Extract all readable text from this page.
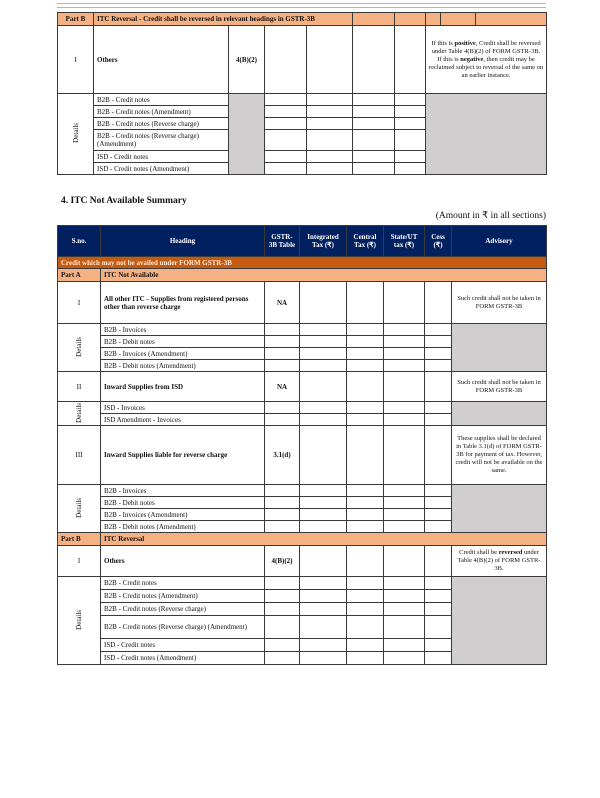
Part B	ITC Reversal - Credit shall be reversed in relevant headings in GSTR-3B								
I	Others	4(B)(2)					If this is positive, Credit shall be reversed under Table 4(B)(2) of FORM GSTR-3B.
If this is negative, then credit may be reclaimed subject to reversal of the same on an earlier instance.		
Details	B2B - Credit notes								
	B2B - Credit notes (Amendment)								
	B2B - Credit notes (Reverse charge)								
	B2B - Credit notes (Reverse charge) (Amendment)								
	ISD - Credit notes								
	ISD - Credit notes (Amendment)								
4. ITC Not Available Summary
(Amount in ₹ in all sections)
S.no.	Heading	GSTR-3B Table	Integrated Tax (₹)	Central Tax (₹)	State/UT tax (₹)	Cess (₹)	Advisory
Credit which may not be availed under FORM GSTR-3B							
Part A	ITC Not Available						
I	All other ITC - Supplies from registered persons other than reverse charge	NA					Such credit shall not be taken in FORM GSTR-3B
Details	B2B - Invoices						
	B2B - Debit notes						
	B2B - Invoices (Amendment)						
	B2B - Debit notes (Amendment)						
II	Inward Supplies from ISD	NA					Such credit shall not be taken in FORM GSTR-3B
Details	ISD - Invoices						
	ISD Amendment - Invoices						
III	Inward Supplies liable for reverse charge	3.1(d)					These supplies shall be declared in Table 3.1(d) of FORM GSTR-3B for payment of tax. However, credit will not be available on the same.
Details	B2B - Invoices						
	B2B - Debit notes						
	B2B - Invoices (Amendment)						
	B2B - Debit notes (Amendment)						
Part B	ITC Reversal						
I	Others	4(B)(2)					Credit shall be reversed under Table 4(B)(2) of FORM GSTR-3B.
Details	B2B - Credit notes						
	B2B - Credit notes (Amendment)						
	B2B - Credit notes (Reverse charge)						
	B2B - Credit notes (Reverse charge) (Amendment)						
	ISD - Credit notes						
	ISD - Credit notes (Amendment)						
